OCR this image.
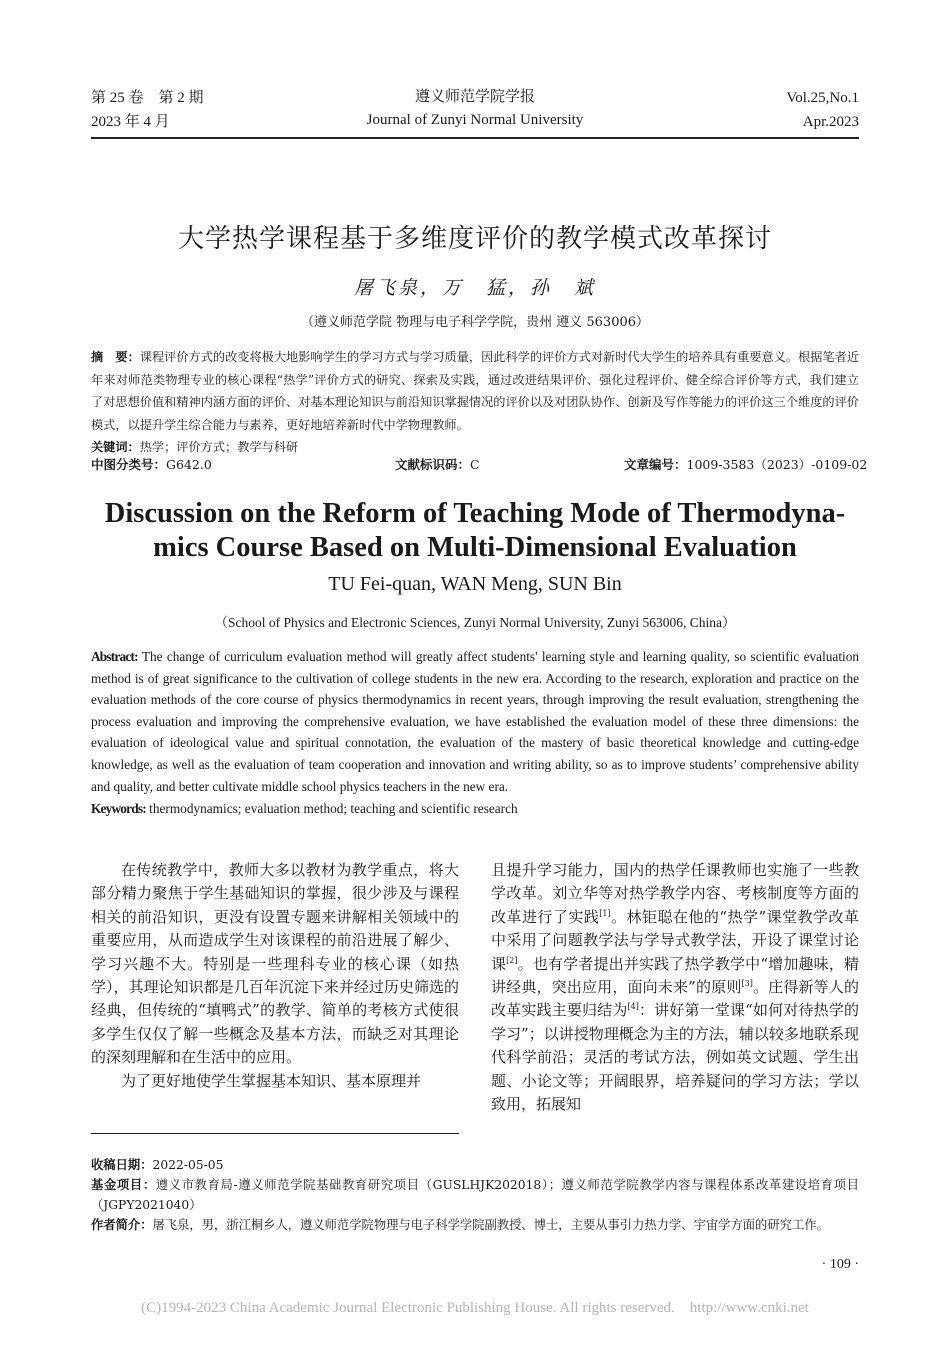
第 25 卷　第 2 期
2023 年 4 月
遵义师范学院学报
Journal of Zunyi Normal University
Vol.25,No.1
Apr.2023
大学热学课程基于多维度评价的教学模式改革探讨
屠飞泉，万　猛，孙　斌
（遵义师范学院 物理与电子科学学院，贵州 遵义 563006）
摘　要：课程评价方式的改变将极大地影响学生的学习方式与学习质量，因此科学的评价方式对新时代大学生的培养具有重要意义。根据笔者近年来对师范类物理专业的核心课程“热学”评价方式的研究、探索及实践，通过改进结果评价、强化过程评价、健全综合评价等方式，我们建立了对思想价值和精神内涵方面的评价、对基本理论知识与前沿知识掌握情况的评价以及对团队协作、创新及写作等能力的评价这三个维度的评价模式，以提升学生综合能力与素养，更好地培养新时代中学物理教师。
关键词：热学；评价方式；教学与科研
中图分类号：G642.0	文献标识码：C	文章编号：1009-3583（2023）-0109-02
Discussion on the Reform of Teaching Mode of Thermodyna-
mics Course Based on Multi-Dimensional Evaluation
TU Fei-quan, WAN Meng, SUN Bin
（School of Physics and Electronic Sciences, Zunyi Normal University, Zunyi 563006, China）
Abstract: The change of curriculum evaluation method will greatly affect students' learning style and learning quality, so scientific evaluation method is of great significance to the cultivation of college students in the new era. According to the research, exploration and practice on the evaluation methods of the core course of physics thermodynamics in recent years, through improving the result evaluation, strengthening the process evaluation and improving the comprehensive evaluation, we have established the evaluation model of these three dimensions: the evaluation of ideological value and spiritual connotation, the evaluation of the mastery of basic theoretical knowledge and cutting-edge knowledge, as well as the evaluation of team cooperation and innovation and writing ability, so as to improve students’ comprehensive ability and quality, and better cultivate middle school physics teachers in the new era.
Keywords: thermodynamics; evaluation method; teaching and scientific research

在传统教学中，教师大多以教材为教学重点，将大部分精力聚焦于学生基础知识的掌握，很少涉及与课程相关的前沿知识，更没有设置专题来讲解相关领域中的重要应用，从而造成学生对该课程的前沿进展了解少、学习兴趣不大。特别是一些理科专业的核心课（如热学），其理论知识都是几百年沉淀下来并经过历史筛选的经典，但传统的“填鸭式”的教学、简单的考核方式使很多学生仅仅了解一些概念及基本方法，而缺乏对其理论的深刻理解和在生活中的应用。

为了更好地使学生掌握基本知识、基本原理并

且提升学习能力，国内的热学任课教师也实施了一些教学改革。刘立华等对热学教学内容、考核制度等方面的改革进行了实践[1]。林钜聪在他的“热学”课堂教学改革中采用了问题教学法与学导式教学法，开设了课堂讨论课[2]。也有学者提出并实践了热学教学中“增加趣味，精讲经典，突出应用，面向未来”的原则[3]。庄得新等人的改革实践主要归结为[4]：讲好第一堂课“如何对待热学的学习”；以讲授物理概念为主的方法，辅以较多地联系现代科学前沿；灵活的考试方法，例如英文试题、学生出题、小论文等；开阔眼界，培养疑问的学习方法；学以致用，拓展知

收稿日期：2022-05-05

基金项目：遵义市教育局-遵义师范学院基础教育研究项目（GUSLHJK202018）；遵义师范学院教学内容与课程体系改革建设培育项目（JGPY2021040）

作者简介：屠飞泉，男，浙江桐乡人，遵义师范学院物理与电子科学学院副教授、博士，主要从事引力热力学、宇宙学方面的研究工作。

· 109 ·
(C)1994-2023 China Academic Journal Electronic Publishing House. All rights reserved.　http://www.cnki.net
